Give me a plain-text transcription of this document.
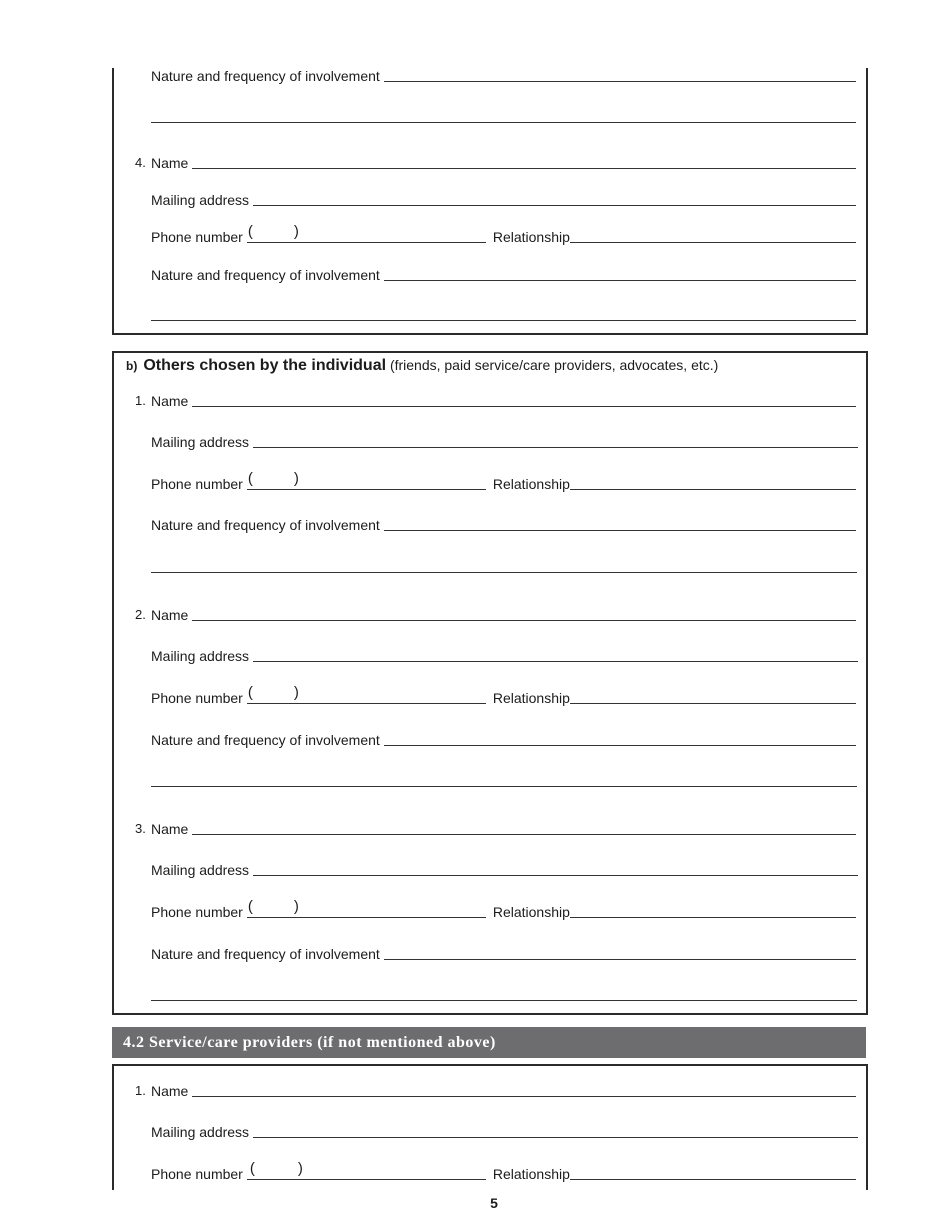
Nature and frequency of involvement
4. Name
Mailing address
Phone number (	)	Relationship
Nature and frequency of involvement
b) Others chosen by the individual (friends, paid service/care providers, advocates, etc.)
1. Name
Mailing address
Phone number (	)	Relationship
Nature and frequency of involvement
2. Name
Mailing address
Phone number (	)	Relationship
Nature and frequency of involvement
3. Name
Mailing address
Phone number (	)	Relationship
Nature and frequency of involvement
4.2 Service/care providers (if not mentioned above)
1. Name
Mailing address
Phone number (	)	Relationship
5
